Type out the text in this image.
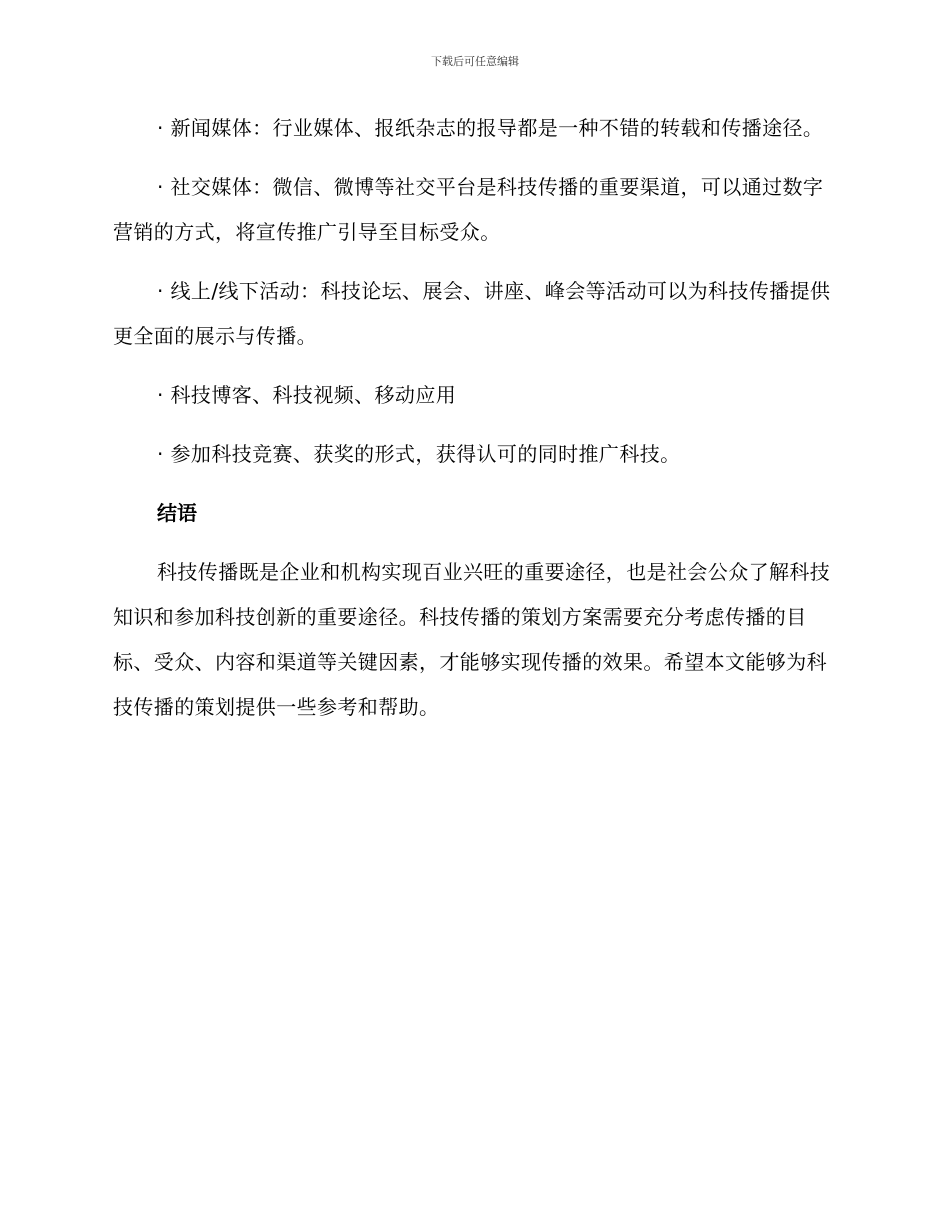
下载后可任意编辑

· 新闻媒体：行业媒体、报纸杂志的报导都是一种不错的转载和传播途径。

· 社交媒体：微信、微博等社交平台是科技传播的重要渠道，可以通过数字营销的方式，将宣传推广引导至目标受众。

· 线上/线下活动：科技论坛、展会、讲座、峰会等活动可以为科技传播提供更全面的展示与传播。

· 科技博客、科技视频、移动应用

· 参加科技竞赛、获奖的形式，获得认可的同时推广科技。

结语

科技传播既是企业和机构实现百业兴旺的重要途径，也是社会公众了解科技知识和参加科技创新的重要途径。科技传播的策划方案需要充分考虑传播的目标、受众、内容和渠道等关键因素，才能够实现传播的效果。希望本文能够为科技传播的策划提供一些参考和帮助。
